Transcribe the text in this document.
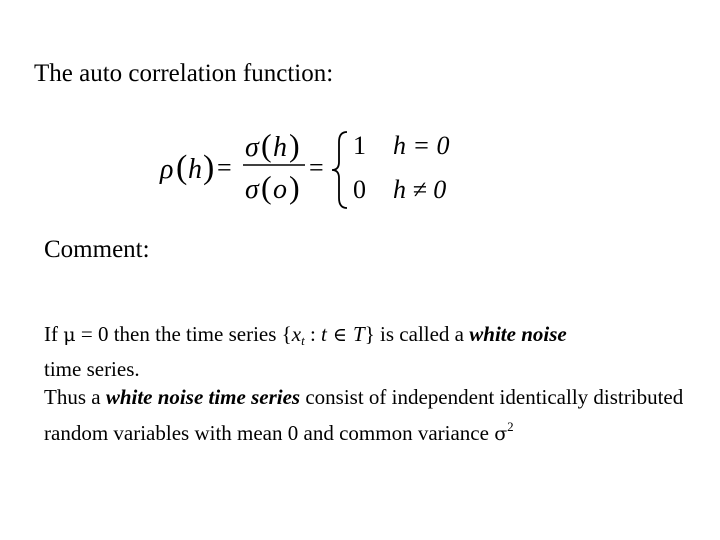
The auto correlation function:
ρ ( h ) =
σ ( h )
σ ( o )
=
1 h = 0
0 h ≠ 0
Comment:
If μ = 0 then the time series {$x_t$ : t ∈ T} is called a white noise
time series.
Thus a white noise time series consist of independent identically distributed random variables with mean 0 and common variance $\sigma^2$
